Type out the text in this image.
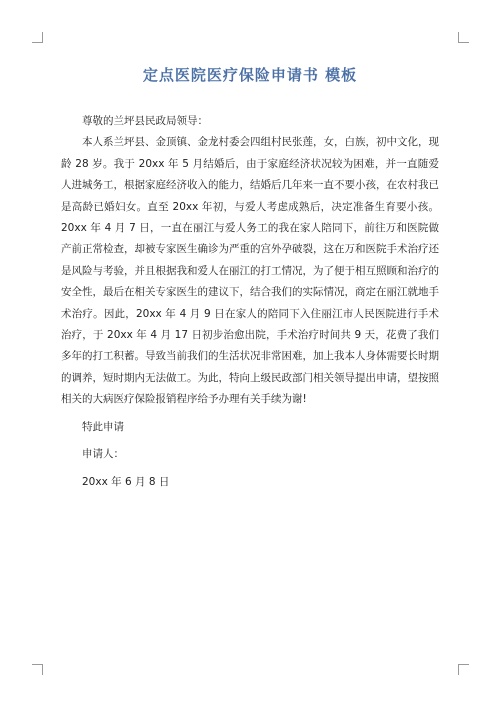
定点医院医疗保险申请书 模板

尊敬的兰坪县民政局领导：

本人系兰坪县、金顶镇、金龙村委会四组村民张莲，女，白族，初中文化，现龄 28 岁。我于 20xx 年 5 月结婚后，由于家庭经济状况较为困难，并一直随爱人进城务工，根据家庭经济收入的能力，结婚后几年来一直不要小孩，在农村我已是高龄已婚妇女。直至 20xx 年初，与爱人考虑成熟后，决定准备生育要小孩。20xx 年 4 月 7 日，一直在丽江与爱人务工的我在家人陪同下，前往万和医院做产前正常检查，却被专家医生确诊为严重的宫外孕破裂，这在万和医院手术治疗还是风险与考验，并且根据我和爱人在丽江的打工情况，为了便于相互照顾和治疗的安全性，最后在相关专家医生的建议下，结合我们的实际情况，商定在丽江就地手术治疗。因此，20xx 年 4 月 9 日在家人的陪同下入住丽江市人民医院进行手术治疗，于 20xx 年 4 月 17 日初步治愈出院，手术治疗时间共 9 天，花费了我们多年的打工积蓄。导致当前我们的生活状况非常困难，加上我本人身体需要长时期的调养，短时期内无法做工。为此，特向上级民政部门相关领导提出申请，望按照相关的大病医疗保险报销程序给予办理有关手续为谢!

特此申请

申请人：

20xx 年 6 月 8 日
